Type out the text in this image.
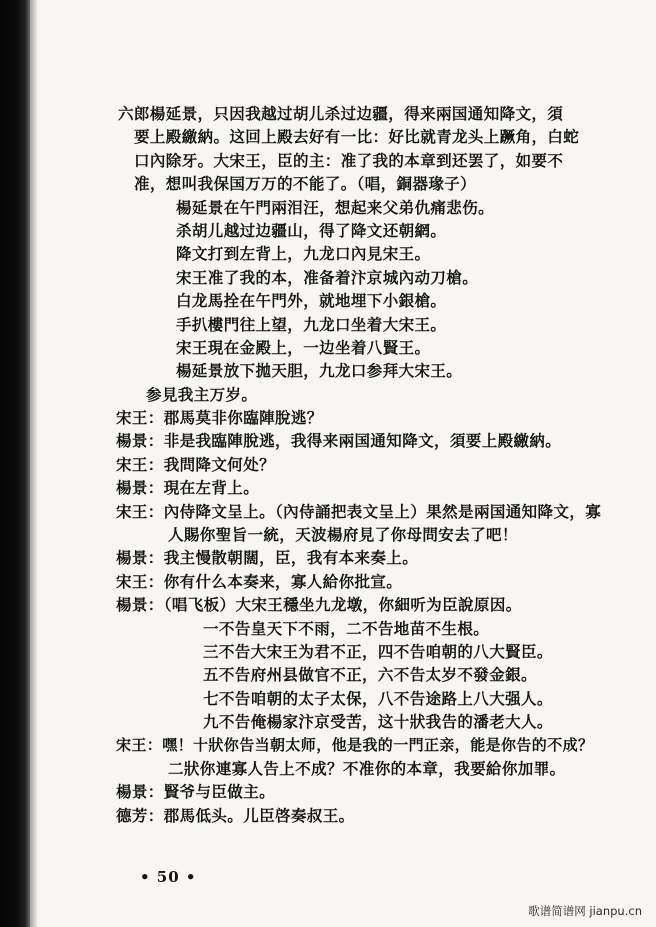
六郎楊延景，只因我越过胡儿杀过边疆，得来兩国通知降文，須
要上殿繳納。这回上殿去好有一比：好比就青龙头上蹶角，白蛇
口內除牙。大宋王，臣的主：准了我的本章到还罢了，如要不
准，想叫我保国万万的不能了。（唱，銅器瑑子）
楊延景在午門兩泪汪，想起来父弟仇痛悲伤。
杀胡儿越过边疆山，得了降文还朝網。
降文打到左背上，九龙口內見宋王。
宋王准了我的本，准备着汴京城內动刀槍。
白龙馬拴在午門外，就地埋下小銀槍。
手扒樓門往上望，九龙口坐着大宋王。
宋王現在金殿上，一边坐着八賢王。
楊延景放下拋天胆，九龙口参拜大宋王。
参見我主万岁。
宋王：郡馬莫非你臨陣脫逃？
楊景：非是我臨陣脫逃，我得来兩国通知降文，須要上殿繳納。
宋王：我問降文何处？
楊景：現在左背上。
宋王：內侍降文呈上。（內侍誦把表文呈上）果然是兩国通知降文，寡
人賜你聖旨一統，天波楊府見了你母問安去了吧！
楊景：我主慢散朝闊，臣，我有本来奏上。
宋王：你有什么本奏来，寡人給你批宣。
楊景：（唱飞板）大宋王穩坐九龙墩，你細听为臣說原因。
一不告皇天下不雨，二不告地苗不生根。
三不告大宋王为君不正，四不告咱朝的八大賢臣。
五不告府州县做官不正，六不告太岁不發金銀。
七不告咱朝的太子太保，八不告途路上八大强人。
九不告俺楊家汴京受苦，这十狀我告的潘老大人。
宋王：嘿！十狀你告当朝太师，他是我的一門正亲，能是你告的不成？
二狀你連寡人告上不成？不准你的本章，我要給你加罪。
楊景：賢爷与臣做主。
德芳：郡馬低头。儿臣啓奏叔王。
• 50 •
歌谱简谱网 jianpu.cn
